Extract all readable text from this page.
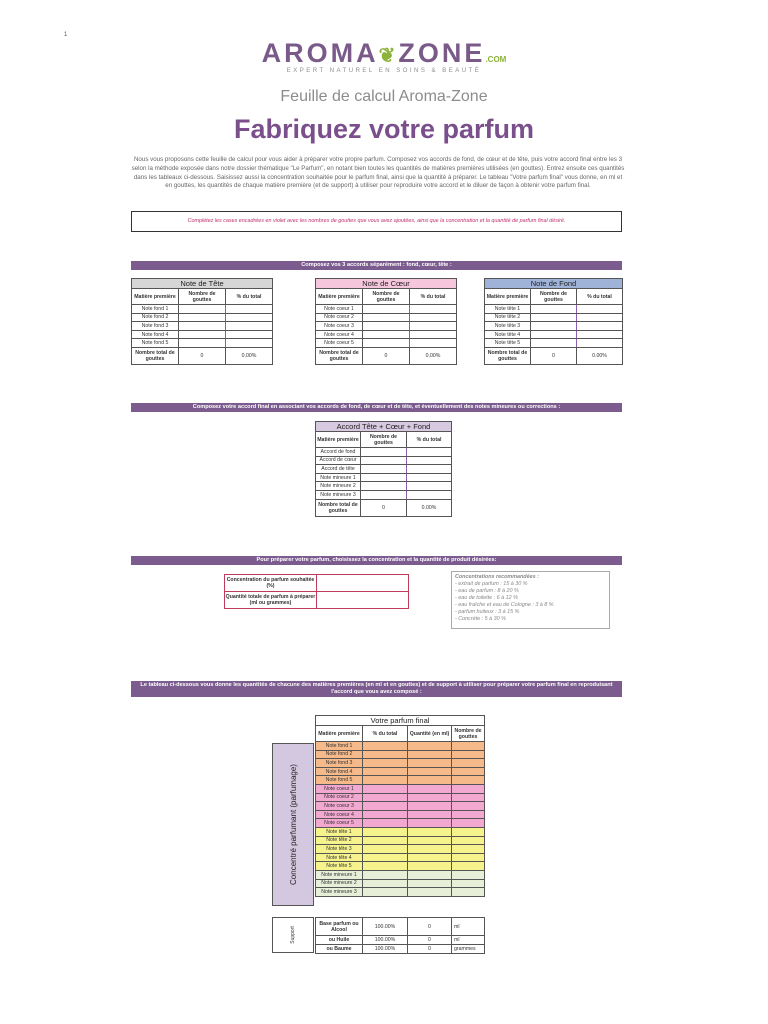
1
AROMA❦ZONE.COM
EXPERT NATUREL EN SOINS & BEAUTÉ
Feuille de calcul Aroma-Zone
Fabriquez votre parfum
Nous vous proposons cette feuille de calcul pour vous aider à préparer votre propre parfum. Composez vos accords de fond, de cœur et de tête, puis votre accord final entre les 3 selon la méthode exposée dans notre dossier thématique "Le Parfum", en notant bien toutes les quantités de matières premières utilisées (en gouttes). Entrez ensuite ces quantités dans les tableaux ci-dessous. Saisissez aussi la concentration souhaitée pour le parfum final, ainsi que la quantité à préparer. Le tableau "Votre parfum final" vous donne, en ml et en gouttes, les quantités de chaque matière première (et de support) à utiliser pour reproduire votre accord et le diluer de façon à obtenir votre parfum final.
Complétez les cases encadrées en violet avec les nombres de gouttes que vous avez ajoutées, ainsi que la concentration et la quantité de parfum final désiré.
Composez vos 3 accords séparément : fond, cœur, tête :
Note de Tête		
Matière première	Nombre de gouttes	% du total
Note fond 1		
Note fond 2		
Note fond 3		
Note fond 4		
Note fond 5		
Nombre total de gouttes	0	0.00%
Note de Cœur		
Matière première	Nombre de gouttes	% du total
Note coeur 1		
Note coeur 2		
Note coeur 3		
Note coeur 4		
Note coeur 5		
Nombre total de gouttes	0	0.00%
Note de Fond		
Matière première	Nombre de gouttes	% du total
Note tête 1		
Note tête 2		
Note tête 3		
Note tête 4		
Note tête 5		
Nombre total de gouttes	0	0.00%
Composez votre accord final en associant vos accords de fond, de cœur et de tête, et éventuellement des notes mineures ou corrections :
Accord Tête + Cœur + Fond		
Matière première	Nombre de gouttes	% du total
Accord de fond		
Accord de cœur		
Accord de tête		
Note mineure 1		
Note mineure 2		
Note mineure 3		
Nombre total de gouttes	0	0.00%
Pour préparer votre parfum, choisissez la concentration et la quantité de produit désirées:
Concentration du parfum souhaitée (%)	
Quantité totale de parfum à préparer (ml ou grammes)	
Concentrations recommandées :
- extrait de parfum : 15 à 30 %
- eau de parfum : 8 à 20 %
- eau de toilette : 6 à 12 %
- eau fraîche et eau de Cologne : 3 à 8 %
- parfum huileux : 3 à 15 %
- Concrète : 5 à 30 %
Le tableau ci-dessous vous donne les quantités de chacune des matières premières (en ml et en gouttes) et de support à utiliser pour préparer votre parfum final en reproduisant l'accord que vous avez composé :
Concentré parfumant (parfumage)
Votre parfum final			
Matière première	% du total	Quantité (en ml)	Nombre de gouttes
Note fond 1			
Note fond 2			
Note fond 3			
Note fond 4			
Note fond 5			
Note coeur 1			
Note coeur 2			
Note coeur 3			
Note coeur 4			
Note coeur 5			
Note tête 1			
Note tête 2			
Note tête 3			
Note tête 4			
Note tête 5			
Note mineure 1			
Note mineure 2			
Note mineure 3			
Support
Base parfum ou Alcool	100.00%	0	ml
ou Huile	100.00%	0	ml
ou Baume	100.00%	0	grammes
